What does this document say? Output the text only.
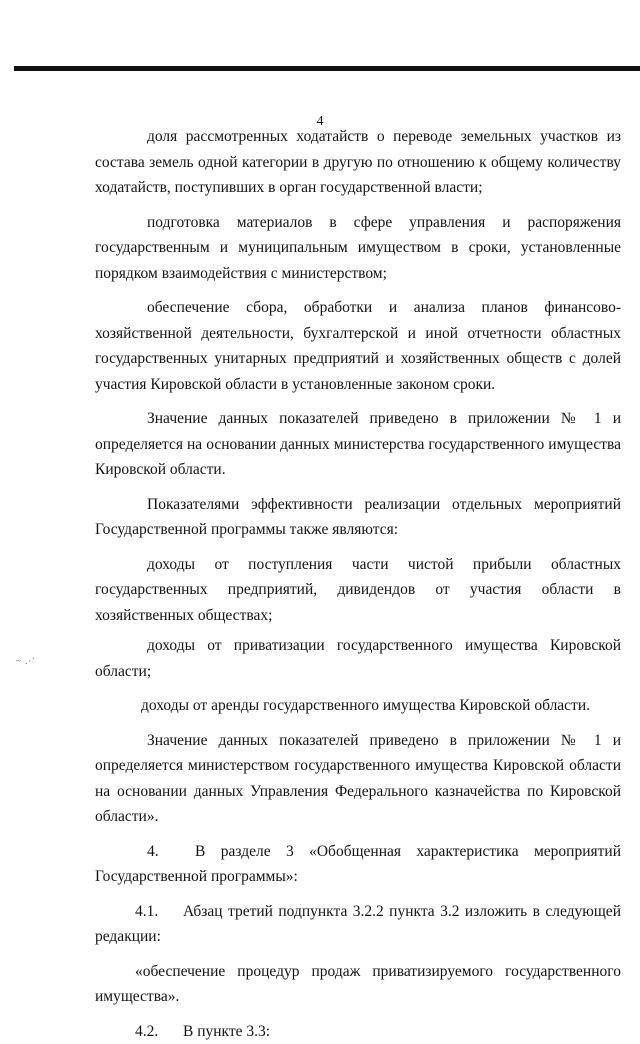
4
~ .·'

доля рассмотренных ходатайств о переводе земельных участков из состава земель одной категории в другую по отношению к общему количеству ходатайств, поступивших в орган государственной власти;

подготовка материалов в сфере управления и распоряжения государственным и муниципальным имуществом в сроки, установленные порядком взаимодействия с министерством;

обеспечение сбора, обработки и анализа планов финансово-хозяйственной деятельности, бухгалтерской и иной отчетности областных государственных унитарных предприятий и хозяйственных обществ с долей участия Кировской области в установленные законом сроки.

Значение данных показателей приведено в приложении № 1 и определяется на основании данных министерства государственного имущества Кировской области.

Показателями эффективности реализации отдельных мероприятий Государственной программы также являются:

доходы от поступления части чистой прибыли областных государственных предприятий, дивидендов от участия области в хозяйственных обществах;

доходы от приватизации государственного имущества Кировской области;

доходы от аренды государственного имущества Кировской области.

Значение данных показателей приведено в приложении № 1 и определяется министерством государственного имущества Кировской области на основании данных Управления Федерального казначейства по Кировской области».

4. В разделе 3 «Обобщенная характеристика мероприятий Государственной программы»:

4.1. Абзац третий подпункта 3.2.2 пункта 3.2 изложить в следующей редакции:

«обеспечение процедур продаж приватизируемого государственного имущества».

4.2. В пункте 3.3:
